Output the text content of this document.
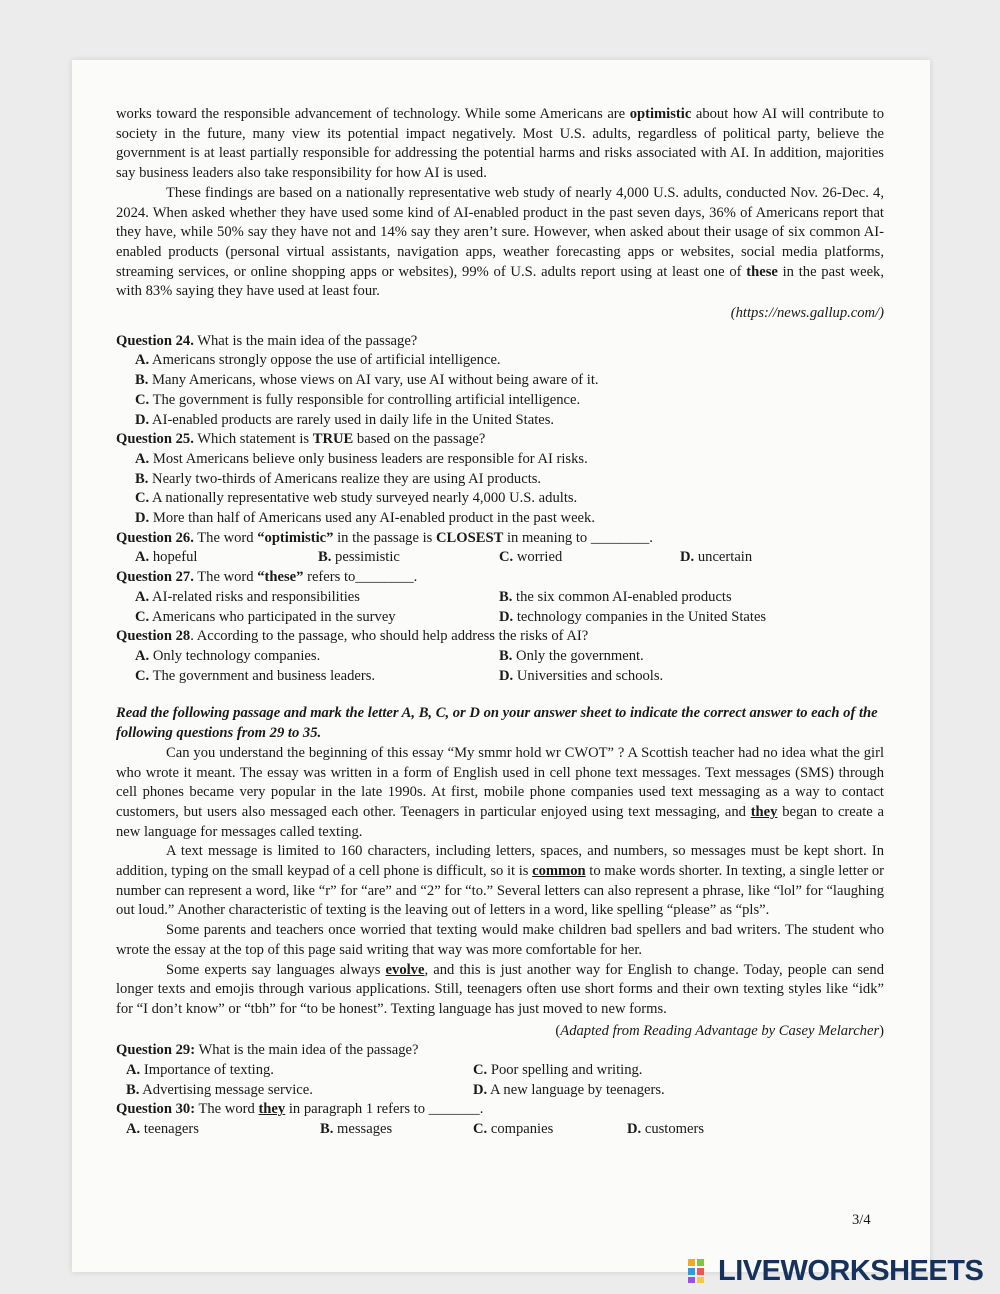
works toward the responsible advancement of technology. While some Americans are optimistic about how AI will contribute to society in the future, many view its potential impact negatively. Most U.S. adults, regardless of political party, believe the government is at least partially responsible for addressing the potential harms and risks associated with AI. In addition, majorities say business leaders also take responsibility for how AI is used.

These findings are based on a nationally representative web study of nearly 4,000 U.S. adults, conducted Nov. 26-Dec. 4, 2024. When asked whether they have used some kind of AI-enabled product in the past seven days, 36% of Americans report that they have, while 50% say they have not and 14% say they aren’t sure. However, when asked about their usage of six common AI-enabled products (personal virtual assistants, navigation apps, weather forecasting apps or websites, social media platforms, streaming services, or online shopping apps or websites), 99% of U.S. adults report using at least one of these in the past week, with 83% saying they have used at least four.

(https://news.gallup.com/)

Question 24. What is the main idea of the passage?

A. Americans strongly oppose the use of artificial intelligence.

B. Many Americans, whose views on AI vary, use AI without being aware of it.

C. The government is fully responsible for controlling artificial intelligence.

D. AI-enabled products are rarely used in daily life in the United States.

Question 25. Which statement is TRUE based on the passage?

A. Most Americans believe only business leaders are responsible for AI risks.

B. Nearly two-thirds of Americans realize they are using AI products.

C. A nationally representative web study surveyed nearly 4,000 U.S. adults.

D. More than half of Americans used any AI-enabled product in the past week.

Question 26. The word “optimistic” in the passage is CLOSEST in meaning to ________.

A. hopeful	B. pessimistic	C. worried	D. uncertain

Question 27. The word “these” refers to________.

A. AI-related risks and responsibilities	B. the six common AI-enabled products
C. Americans who participated in the survey	D. technology companies in the United States

Question 28. According to the passage, who should help address the risks of AI?

A. Only technology companies.	B. Only the government.
C. The government and business leaders.	D. Universities and schools.

Read the following passage and mark the letter A, B, C, or D on your answer sheet to indicate the correct answer to each of the following questions from 29 to 35.

Can you understand the beginning of this essay “My smmr hold wr CWOT” ? A Scottish teacher had no idea what the girl who wrote it meant. The essay was written in a form of English used in cell phone text messages. Text messages (SMS) through cell phones became very popular in the late 1990s. At first, mobile phone companies used text messaging as a way to contact customers, but users also messaged each other. Teenagers in particular enjoyed using text messaging, and they began to create a new language for messages called texting.

A text message is limited to 160 characters, including letters, spaces, and numbers, so messages must be kept short. In addition, typing on the small keypad of a cell phone is difficult, so it is common to make words shorter. In texting, a single letter or number can represent a word, like “r” for “are” and “2” for “to.” Several letters can also represent a phrase, like “lol” for “laughing out loud.” Another characteristic of texting is the leaving out of letters in a word, like spelling “please” as “pls”.

Some parents and teachers once worried that texting would make children bad spellers and bad writers. The student who wrote the essay at the top of this page said writing that way was more comfortable for her.

Some experts say languages always evolve, and this is just another way for English to change. Today, people can send longer texts and emojis through various applications. Still, teenagers often use short forms and their own texting styles like “idk” for “I don’t know” or “tbh” for “to be honest”. Texting language has just moved to new forms.

(Adapted from Reading Advantage by Casey Melarcher)

Question 29: What is the main idea of the passage?

A. Importance of texting.	C. Poor spelling and writing.
B. Advertising message service.	D. A new language by teenagers.

Question 30: The word they in paragraph 1 refers to _______.

A. teenagers	B. messages	C. companies	D. customers
3/4
LIVEWORKSHEETS
